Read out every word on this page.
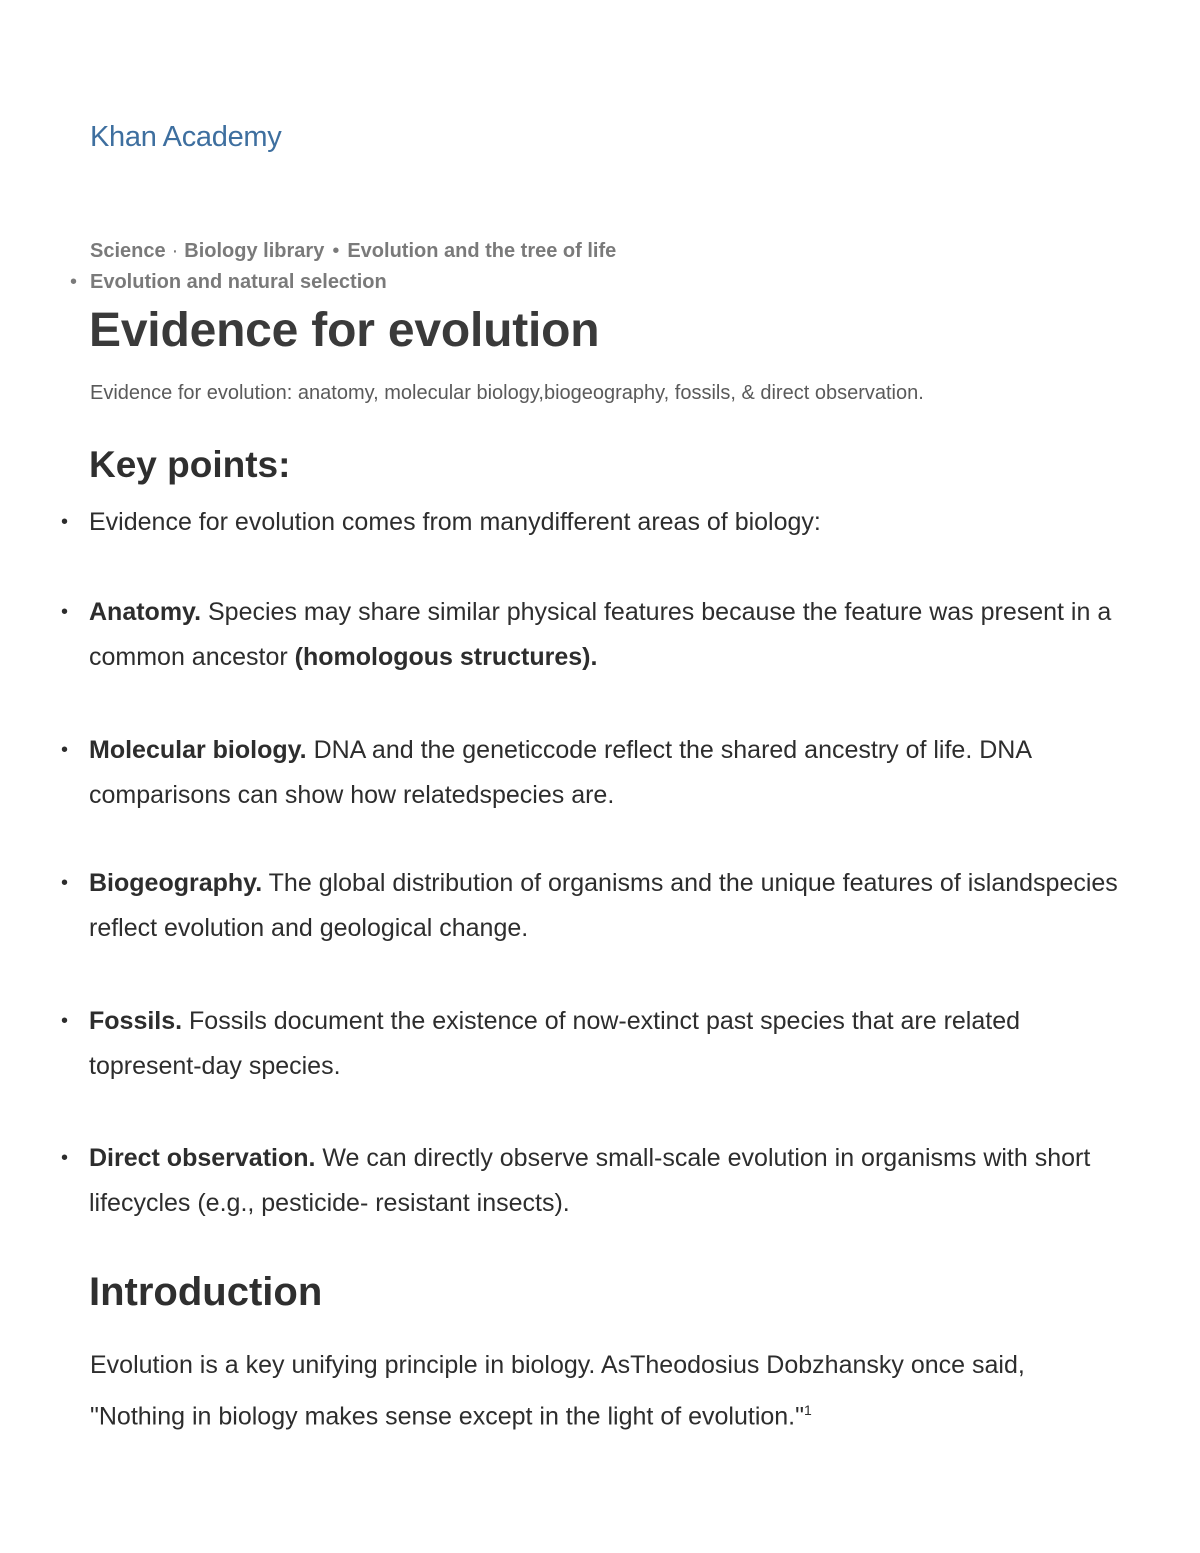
Khan Academy
Science · Biology library • Evolution and the tree of life
• Evolution and natural selection
Evidence for evolution
Evidence for evolution: anatomy, molecular biology,biogeography, fossils, & direct observation.
Key points:
• Evidence for evolution comes from manydifferent areas of biology:
• Anatomy. Species may share similar physical features because the feature was present in a common ancestor (homologous structures).
• Molecular biology. DNA and the geneticcode reflect the shared ancestry of life. DNA comparisons can show how relatedspecies are.
• Biogeography. The global distribution of organisms and the unique features of islandspecies reflect evolution and geological change.
• Fossils. Fossils document the existence of now-extinct past species that are related topresent-day species.
• Direct observation. We can directly observe small-scale evolution in organisms with short lifecycles (e.g., pesticide- resistant insects).
Introduction

Evolution is a key unifying principle in biology. AsTheodosius Dobzhansky once said, "Nothing in biology makes sense except in the light of evolution."$^1$
